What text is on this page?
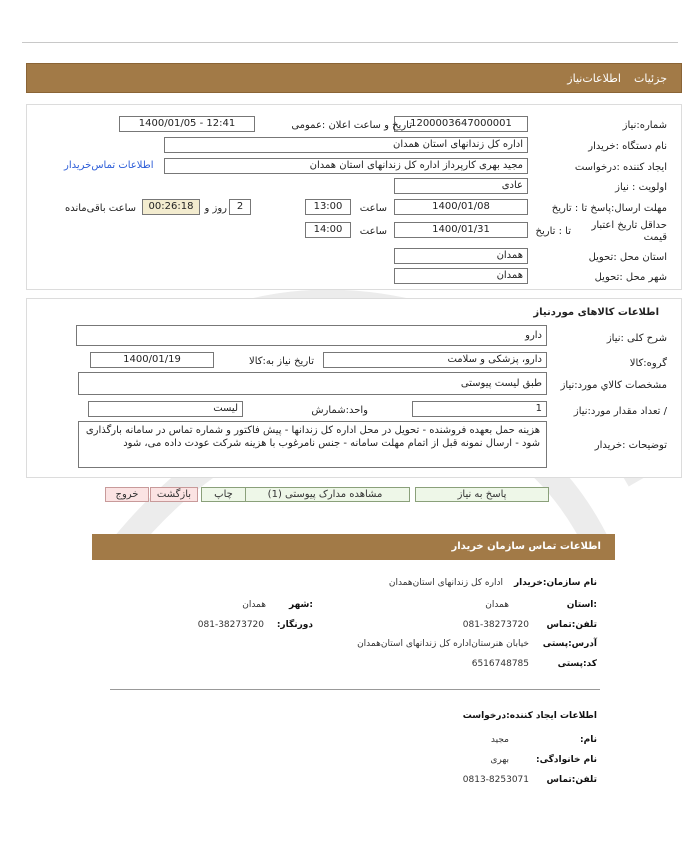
جزئیات
اطلاعات‌نیاز
شماره:نیاز
1200003647000001
تاریخ و ساعت اعلان :عمومی
1400/01/05 - 12:41
نام دستگاه :خریدار
اداره کل زندانهای استان همدان
ایجاد کننده :درخواست
مجید بهری کارپرداز اداره کل زندانهای استان همدان
اطلاعات تماس‌خریدار
اولویت : نیاز
عادی
مهلت ارسال:پاسخ تا : تاریخ
1400/01/08
ساعت
13:00
2
روز و
00:26:18
ساعت باقی‌مانده
حداقل تاریخ اعتبار
قیمت
تا : تاریخ
1400/01/31
ساعت
14:00
استان محل :تحویل
همدان
شهر محل :تحویل
همدان
اطلاعات کالاهای موردنیاز
شرح کلی :نیاز
دارو
گروه:کالا
دارو، پزشکی و سلامت
تاریخ نیاز به:کالا
1400/01/19
مشخصات کالاي مورد:نياز
طبق لیست پیوستی
/ تعداد مقدار مورد:نياز
1
واحد:شمارش
لیست
توضیحات :خریدار
هزینه حمل بعهده فروشنده - تحویل در محل اداره کل زندانها - پیش فاکتور و شماره تماس در سامانه بارگذاری شود - ارسال نمونه قبل از اتمام مهلت سامانه - جنس نامرغوب با هزینه شرکت عودت داده می، شود
پاسخ به نیاز
مشاهده مدارک پیوستی (1)
چاپ
بازگشت
خروج
اطلاعات تماس سازمان خریدار
نام سازمان:خریدار
اداره کل زندانهای استان‌همدان
:استان
همدان
:شهر
همدان
تلفن:تماس
081-38273720
دورنگار:
081-38273720
آدرس:پستی
خیابان هنرستان‌اداره کل زندانهای استان‌همدان
کد:پستی
6516748785
اطلاعات ایجاد کننده:درخواست
نام:
مجید
نام خانوادگی:
بهری
تلفن:تماس
0813-8253071
